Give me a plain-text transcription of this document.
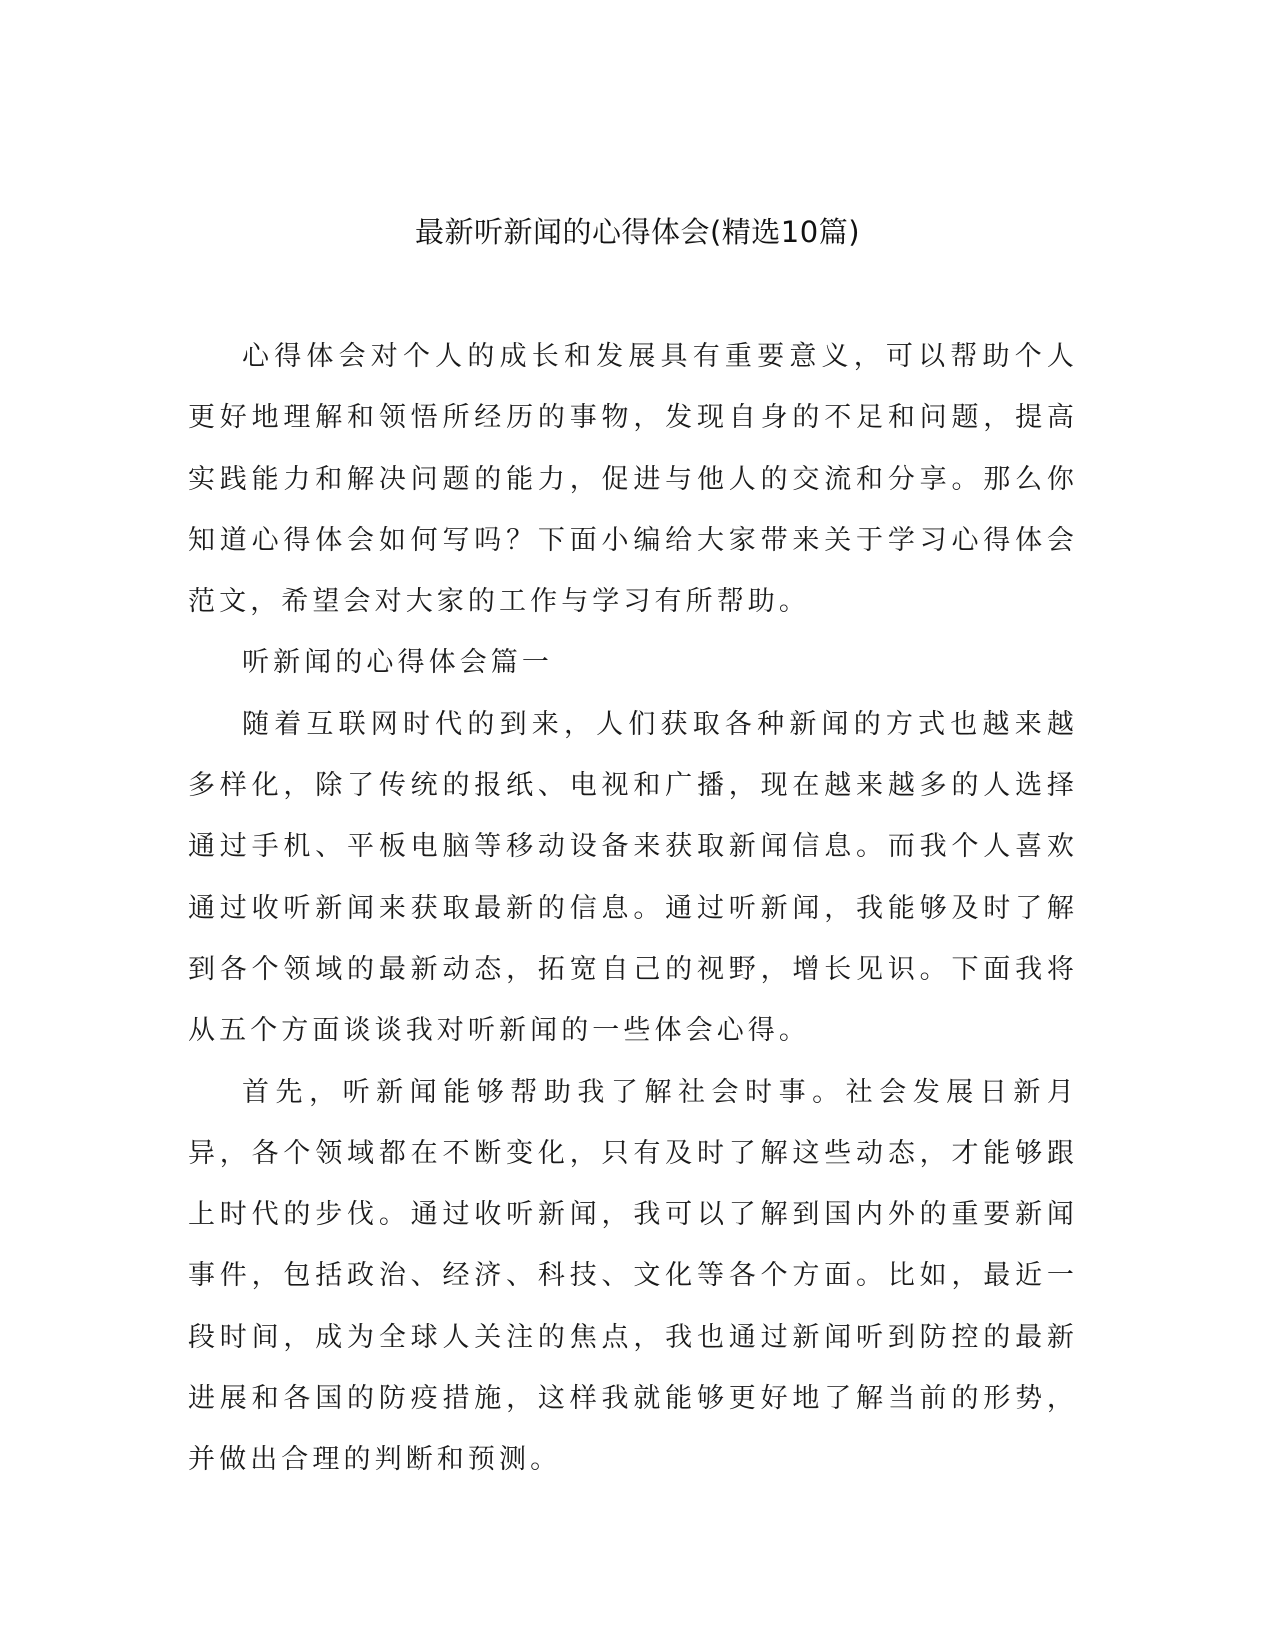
最新听新闻的心得体会(精选10篇)

心得体会对个人的成长和发展具有重要意义，可以帮助个人更好地理解和领悟所经历的事物，发现自身的不足和问题，提高实践能力和解决问题的能力，促进与他人的交流和分享。那么你知道心得体会如何写吗？下面小编给大家带来关于学习心得体会范文，希望会对大家的工作与学习有所帮助。

听新闻的心得体会篇一

随着互联网时代的到来，人们获取各种新闻的方式也越来越多样化，除了传统的报纸、电视和广播，现在越来越多的人选择通过手机、平板电脑等移动设备来获取新闻信息。而我个人喜欢通过收听新闻来获取最新的信息。通过听新闻，我能够及时了解到各个领域的最新动态，拓宽自己的视野，增长见识。下面我将从五个方面谈谈我对听新闻的一些体会心得。

首先，听新闻能够帮助我了解社会时事。社会发展日新月异，各个领域都在不断变化，只有及时了解这些动态，才能够跟上时代的步伐。通过收听新闻，我可以了解到国内外的重要新闻事件，包括政治、经济、科技、文化等各个方面。比如，最近一段时间，成为全球人关注的焦点，我也通过新闻听到防控的最新进展和各国的防疫措施，这样我就能够更好地了解当前的形势，并做出合理的判断和预测。
